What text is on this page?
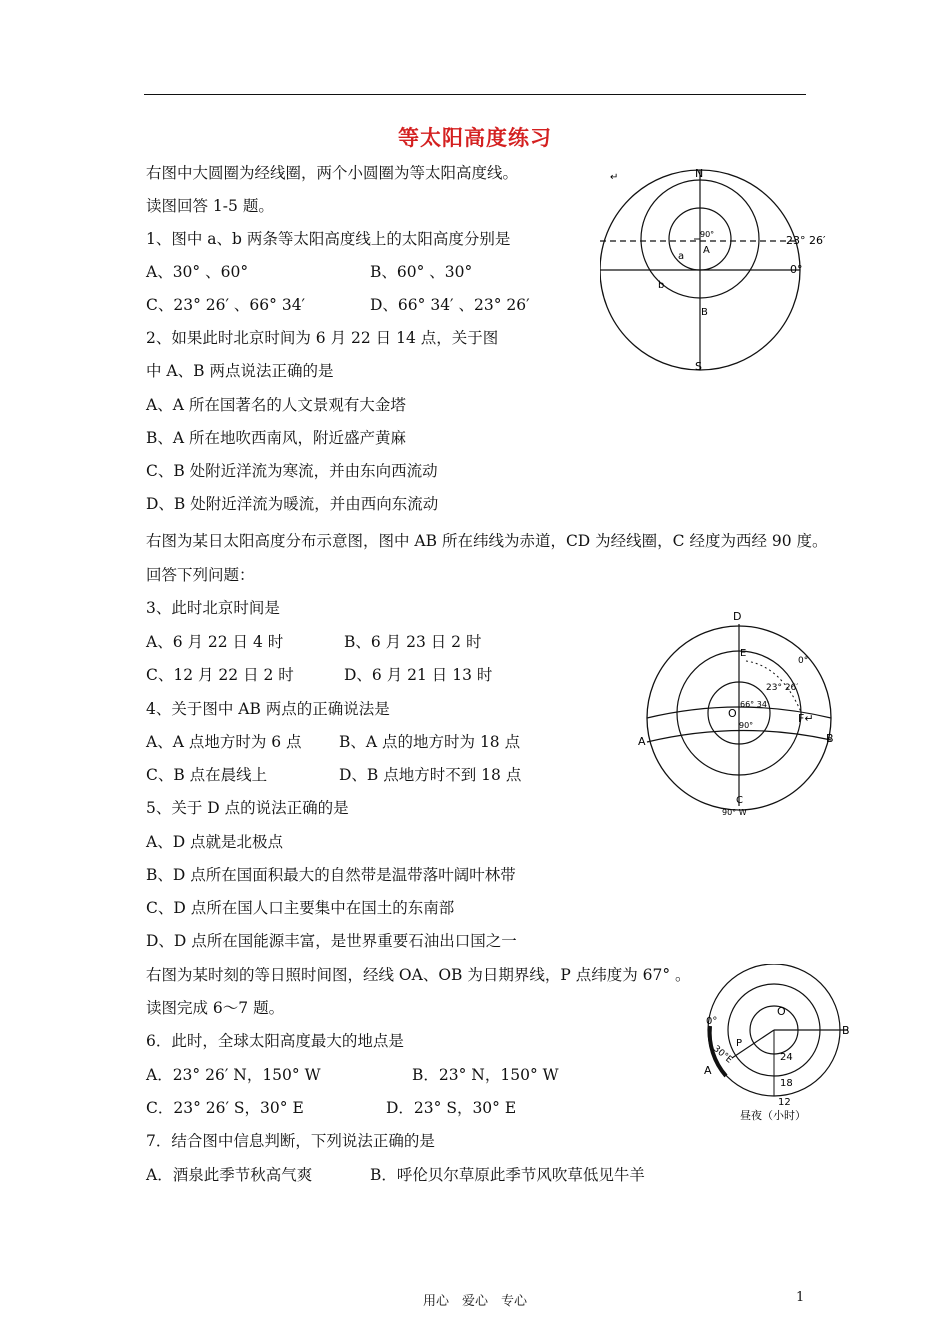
等太阳高度练习
右图中大圆圈为经线圈，两个小圆圈为等太阳高度线。
读图回答 1-5 题。
1、图中 a、b 两条等太阳高度线上的太阳高度分别是
A、30° 、60°	B、60° 、30°
C、23° 26′ 、66° 34′	D、66° 34′ 、23° 26′
2、如果此时北京时间为 6 月 22 日 14 点，关于图
中 A、B 两点说法正确的是
A、A 所在国著名的人文景观有大金塔
B、A 所在地吹西南风，附近盛产黄麻
C、B 处附近洋流为寒流，并由东向西流动
D、B 处附近洋流为暖流，并由西向东流动
右图为某日太阳高度分布示意图，图中 AB 所在纬线为赤道，CD 为经线圈，C 经度为西经 90 度。
回答下列问题：
3、此时北京时间是
A、6 月 22 日 4 时	B、6 月 23 日 2 时
C、12 月 22 日 2 时	D、6 月 21 日 13 时
4、关于图中 AB 两点的正确说法是
A、A 点地方时为 6 点 B、A 点的地方时为 18 点
C、B 点在晨线上	D、B 点地方时不到 18 点
5、关于 D 点的说法正确的是
A、D 点就是北极点
B、D 点所在国面积最大的自然带是温带落叶阔叶林带
C、D 点所在国人口主要集中在国土的东南部
D、D 点所在国能源丰富，是世界重要石油出口国之一
右图为某时刻的等日照时间图，经线 OA、OB 为日期界线，P 点纬度为 67° 。
读图完成 6～7 题。
6．此时，全球太阳高度最大的地点是
A．23° 26′ N，150° W	B．23° N，150° W
C．23° 26′ S，30° E	D．23° S，30° E
7．结合图中信息判断，下列说法正确的是
A．酒泉此季节秋高气爽	B．呼伦贝尔草原此季节风吹草低见牛羊
N
S
A
B
a
b
90°	23° 26′
0°
↵
D
E
O
A	B
C
F↵
0°
23° 26′
66° 34′
90°
90° W
O
A
B
P
0°
30°E	24
18
12
昼夜（小时）
用心　爱心　专心	1
